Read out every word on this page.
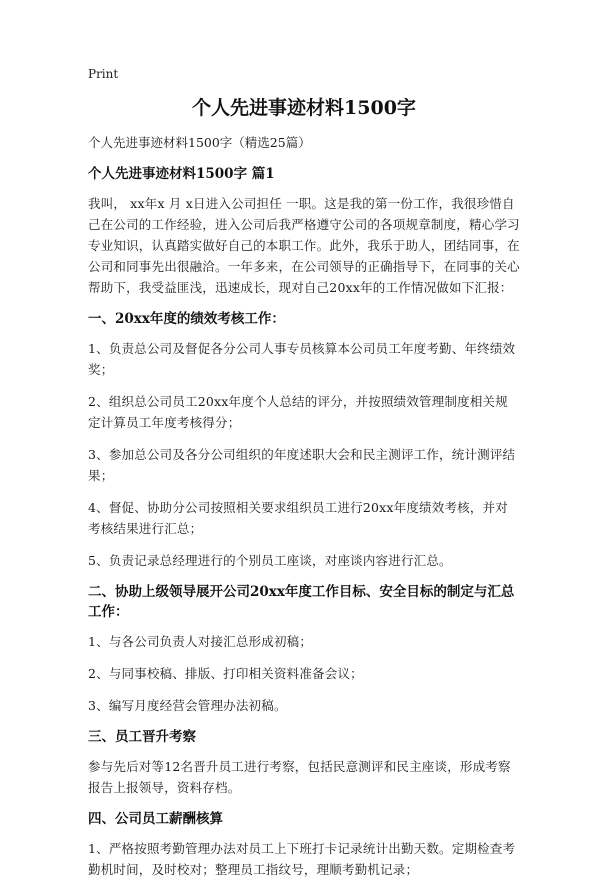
Print
个人先进事迹材料1500字

个人先进事迹材料1500字（精选25篇）

个人先进事迹材料1500字 篇1

我叫， xx年x 月 x日进入公司担任 一职。这是我的第一份工作，我很珍惜自己在公司的工作经验，进入公司后我严格遵守公司的各项规章制度，精心学习专业知识，认真踏实做好自己的本职工作。此外，我乐于助人，团结同事，在公司和同事先出很融洽。一年多来，在公司领导的正确指导下，在同事的关心帮助下，我受益匪浅，迅速成长，现对自己20xx年的工作情况做如下汇报：

一、20xx年度的绩效考核工作：

1、负责总公司及督促各分公司人事专员核算本公司员工年度考勤、年终绩效奖；

2、组织总公司员工20xx年度个人总结的评分，并按照绩效管理制度相关规定计算员工年度考核得分；

3、参加总公司及各分公司组织的年度述职大会和民主测评工作，统计测评结果；

4、督促、协助分公司按照相关要求组织员工进行20xx年度绩效考核，并对考核结果进行汇总；

5、负责记录总经理进行的个别员工座谈，对座谈内容进行汇总。

二、协助上级领导展开公司20xx年度工作目标、安全目标的制定与汇总工作：

1、与各公司负责人对接汇总形成初稿；

2、与同事校稿、排版、打印相关资料准备会议；

3、编写月度经营会管理办法初稿。

三、员工晋升考察

参与先后对等12名晋升员工进行考察，包括民意测评和民主座谈，形成考察报告上报领导，资料存档。

四、公司员工薪酬核算

1、严格按照考勤管理办法对员工上下班打卡记录统计出勤天数。定期检查考勤机时间，及时校对；整理员工指纹号，理顺考勤机记录；
